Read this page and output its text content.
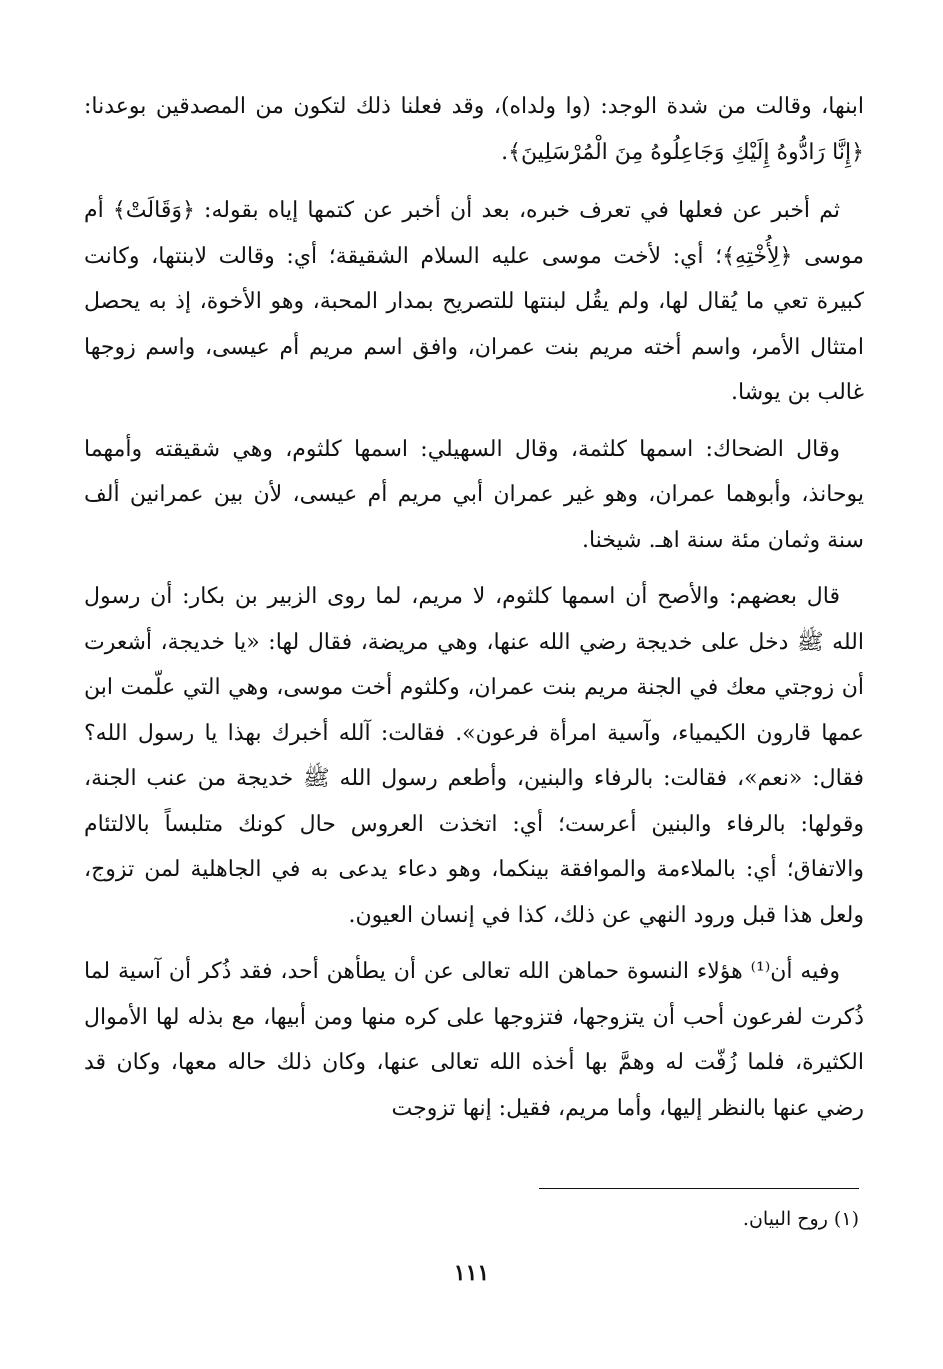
ابنها، وقالت من شدة الوجد: (وا ولداه)، وقد فعلنا ذلك لتكون من المصدقين بوعدنا: ﴿إِنَّا رَادُّوهُ إِلَيْكِ وَجَاعِلُوهُ مِنَ الْمُرْسَلِينَ﴾.

ثم أخبر عن فعلها في تعرف خبره، بعد أن أخبر عن كتمها إياه بقوله: ﴿وَقَالَتْ﴾ أم موسى ﴿لِأُخْتِهِ﴾؛ أي: لأخت موسى عليه السلام الشقيقة؛ أي: وقالت لابنتها، وكانت كبيرة تعي ما يُقال لها، ولم يقُل لبنتها للتصريح بمدار المحبة، وهو الأخوة، إذ به يحصل امتثال الأمر، واسم أخته مريم بنت عمران، وافق اسم مريم أم عيسى، واسم زوجها غالب بن يوشا.

وقال الضحاك: اسمها كلثمة، وقال السهيلي: اسمها كلثوم، وهي شقيقته وأمهما يوحانذ، وأبوهما عمران، وهو غير عمران أبي مريم أم عيسى، لأن بين عمرانين ألف سنة وثمان مئة سنة اهـ. شيخنا.

قال بعضهم: والأصح أن اسمها كلثوم، لا مريم، لما روى الزبير بن بكار: أن رسول الله ﷺ دخل على خديجة رضي الله عنها، وهي مريضة، فقال لها: «يا خديجة، أشعرت أن زوجتي معك في الجنة مريم بنت عمران، وكلثوم أخت موسى، وهي التي علّمت ابن عمها قارون الكيمياء، وآسية امرأة فرعون». فقالت: آلله أخبرك بهذا يا رسول الله؟ فقال: «نعم»، فقالت: بالرفاء والبنين، وأطعم رسول الله ﷺ خديجة من عنب الجنة، وقولها: بالرفاء والبنين أعرست؛ أي: اتخذت العروس حال كونك متلبساً بالالتئام والاتفاق؛ أي: بالملاءمة والموافقة بينكما، وهو دعاء يدعى به في الجاهلية لمن تزوج، ولعل هذا قبل ورود النهي عن ذلك، كذا في إنسان العيون.

وفيه أن⁽¹⁾ هؤلاء النسوة حماهن الله تعالى عن أن يطأهن أحد، فقد ذُكر أن آسية لما ذُكرت لفرعون أحب أن يتزوجها، فتزوجها على كره منها ومن أبيها، مع بذله لها الأموال الكثيرة، فلما زُفّت له وهمَّ بها أخذه الله تعالى عنها، وكان ذلك حاله معها، وكان قد رضي عنها بالنظر إليها، وأما مريم، فقيل: إنها تزوجت

(١) روح البيان.
١١١
